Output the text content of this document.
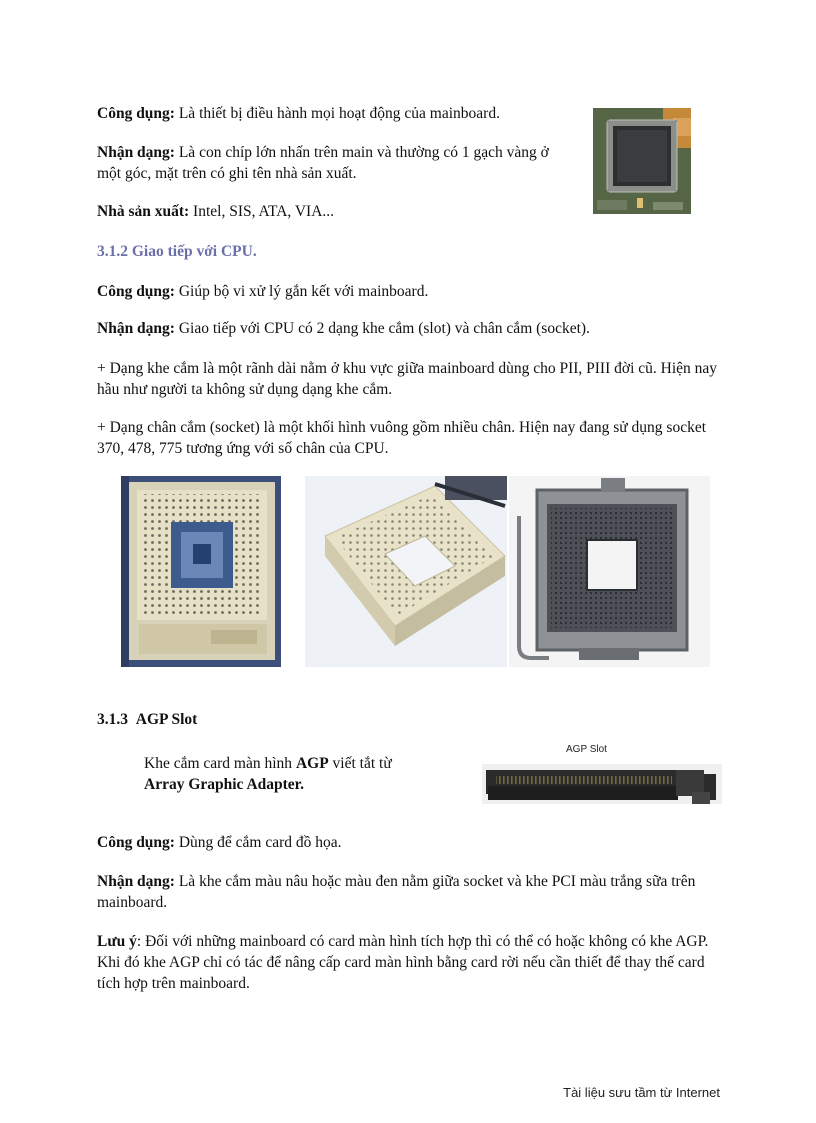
Công dụng: Là thiết bị điều hành mọi hoạt động của mainboard.
Nhận dạng: Là con chíp lớn nhấn trên main và thường có 1 gạch vàng ở một góc, mặt trên có ghi tên nhà sản xuất.
Nhà sản xuất: Intel, SIS, ATA, VIA...
3.1.2 Giao tiếp với CPU.
Công dụng: Giúp bộ vi xử lý gắn kết với mainboard.
Nhận dạng: Giao tiếp với CPU có 2 dạng khe cắm (slot) và chân cắm (socket).
+ Dạng khe cắm là một rãnh dài nằm ở khu vực giữa mainboard dùng cho PII, PIII đời cũ. Hiện nay hầu như người ta không sử dụng dạng khe cắm.
+ Dạng chân cắm (socket) là một khối hình vuông gồm nhiều chân. Hiện nay đang sử dụng socket 370, 478, 775 tương ứng với số chân của CPU.
3.1.3 AGP Slot
Khe cắm card màn hình AGP viết tắt từ
Array Graphic Adapter.
AGP Slot
Công dụng: Dùng để cắm card đồ họa.
Nhận dạng: Là khe cắm màu nâu hoặc màu đen nằm giữa socket và khe PCI màu trắng sữa trên mainboard.
Lưu ý: Đối với những mainboard có card màn hình tích hợp thì có thể có hoặc không có khe AGP. Khi đó khe AGP chỉ có tác để nâng cấp card màn hình bằng card rời nếu cần thiết để thay thế card tích hợp trên mainboard.
Tài liệu sưu tầm từ Internet
